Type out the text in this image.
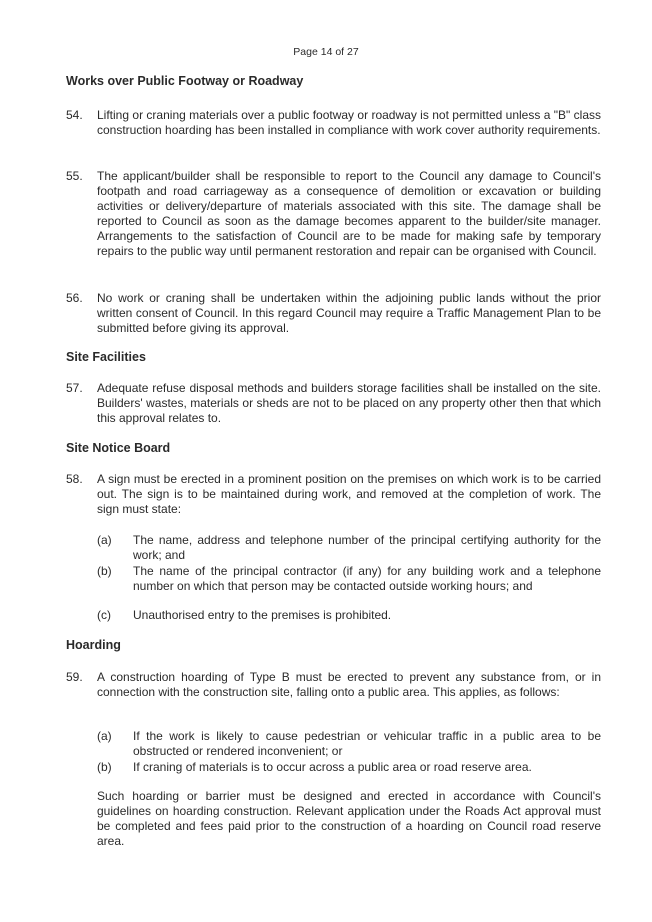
Page 14 of 27
Works over Public Footway or Roadway
54.	Lifting or craning materials over a public footway or roadway is not permitted unless a "B" class construction hoarding has been installed in compliance with work cover authority requirements.
55.	The applicant/builder shall be responsible to report to the Council any damage to Council's footpath and road carriageway as a consequence of demolition or excavation or building activities or delivery/departure of materials associated with this site. The damage shall be reported to Council as soon as the damage becomes apparent to the builder/site manager. Arrangements to the satisfaction of Council are to be made for making safe by temporary repairs to the public way until permanent restoration and repair can be organised with Council.
56.	No work or craning shall be undertaken within the adjoining public lands without the prior written consent of Council. In this regard Council may require a Traffic Management Plan to be submitted before giving its approval.
Site Facilities
57.	Adequate refuse disposal methods and builders storage facilities shall be installed on the site. Builders' wastes, materials or sheds are not to be placed on any property other then that which this approval relates to.
Site Notice Board
58.	A sign must be erected in a prominent position on the premises on which work is to be carried out. The sign is to be maintained during work, and removed at the completion of work. The sign must state:
(a)	The name, address and telephone number of the principal certifying authority for the work; and
(b)	The name of the principal contractor (if any) for any building work and a telephone number on which that person may be contacted outside working hours; and
(c)	Unauthorised entry to the premises is prohibited.
Hoarding
59.	A construction hoarding of Type B must be erected to prevent any substance from, or in connection with the construction site, falling onto a public area. This applies, as follows:
(a)	If the work is likely to cause pedestrian or vehicular traffic in a public area to be obstructed or rendered inconvenient; or
(b)	If craning of materials is to occur across a public area or road reserve area.
Such hoarding or barrier must be designed and erected in accordance with Council's guidelines on hoarding construction. Relevant application under the Roads Act approval must be completed and fees paid prior to the construction of a hoarding on Council road reserve area.
